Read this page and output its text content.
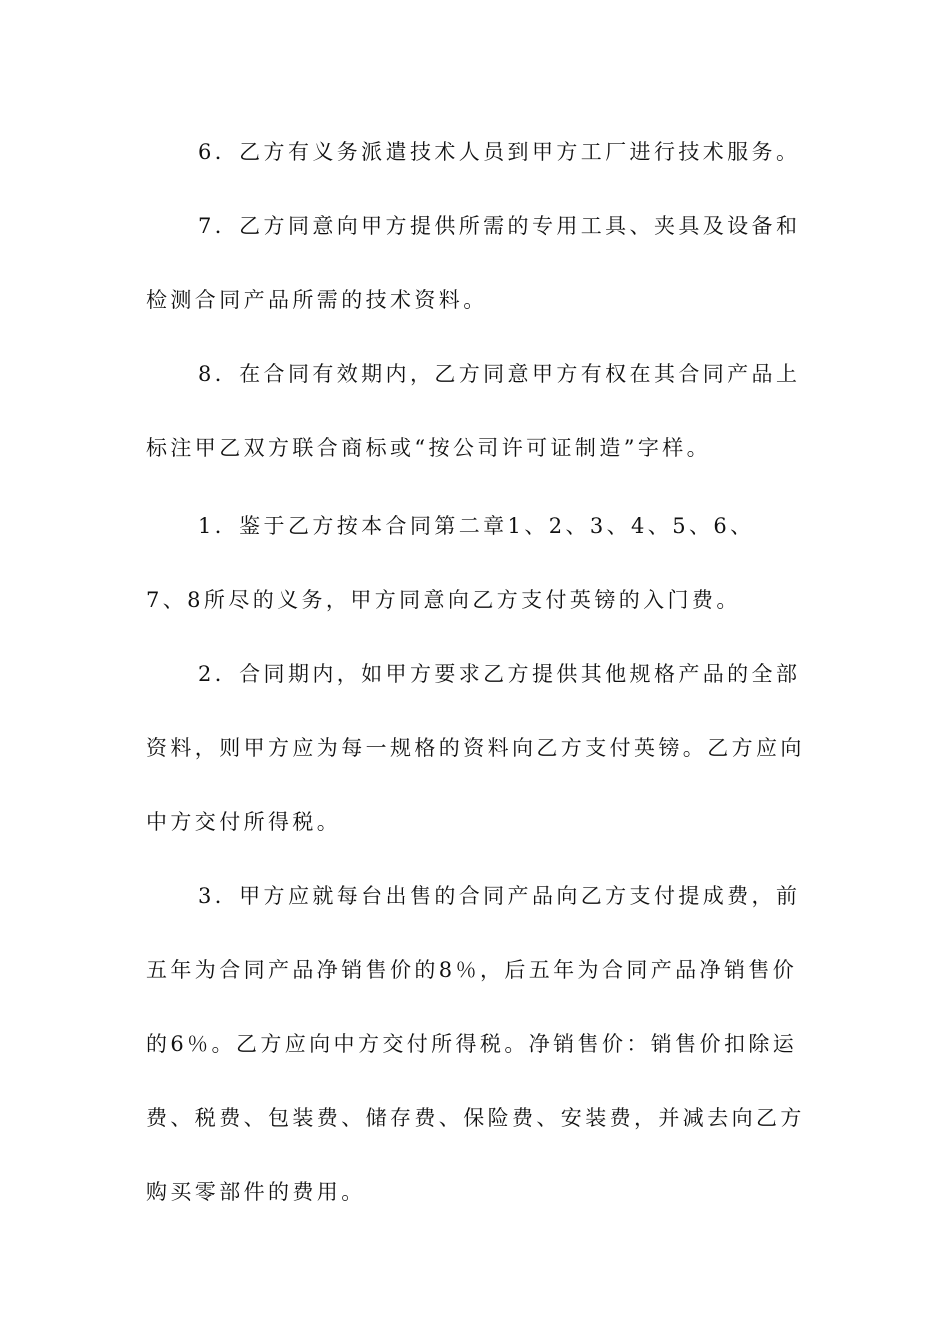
6．乙方有义务派遣技术人员到甲方工厂进行技术服务。
7．乙方同意向甲方提供所需的专用工具、夹具及设备和
检测合同产品所需的技术资料。
8．在合同有效期内，乙方同意甲方有权在其合同产品上
标注甲乙双方联合商标或“按公司许可证制造”字样。
1．鉴于乙方按本合同第二章1、2、3、4、5、6、
7、8所尽的义务，甲方同意向乙方支付英镑的入门费。
2．合同期内，如甲方要求乙方提供其他规格产品的全部
资料，则甲方应为每一规格的资料向乙方支付英镑。乙方应向
中方交付所得税。
3．甲方应就每台出售的合同产品向乙方支付提成费，前
五年为合同产品净销售价的8％，后五年为合同产品净销售价
的6％。乙方应向中方交付所得税。净销售价：销售价扣除运
费、税费、包装费、储存费、保险费、安装费，并减去向乙方
购买零部件的费用。
